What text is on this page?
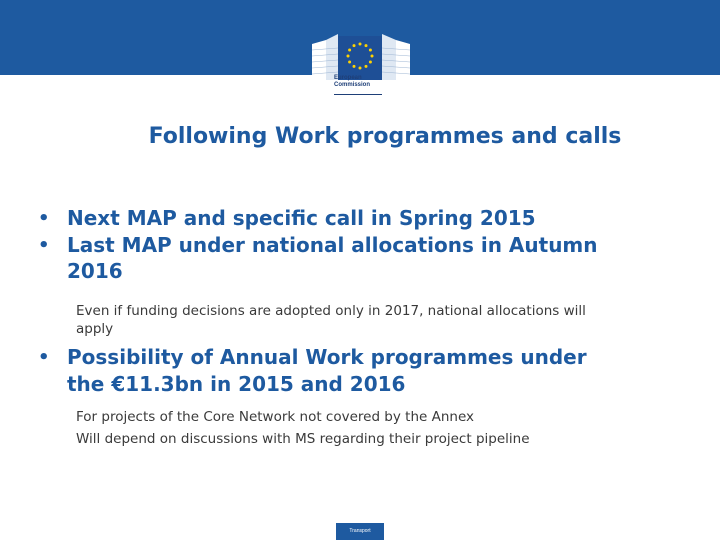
European
Commission
Following Work programmes and calls
• Next MAP and specific call in Spring 2015
• Last MAP under national allocations in Autumn
2016
Even if funding decisions are adopted only in 2017, national allocations will
apply
• Possibility of Annual Work programmes under
the €11.3bn in 2015 and 2016
For projects of the Core Network not covered by the Annex
Will depend on discussions with MS regarding their project pipeline
Transport
